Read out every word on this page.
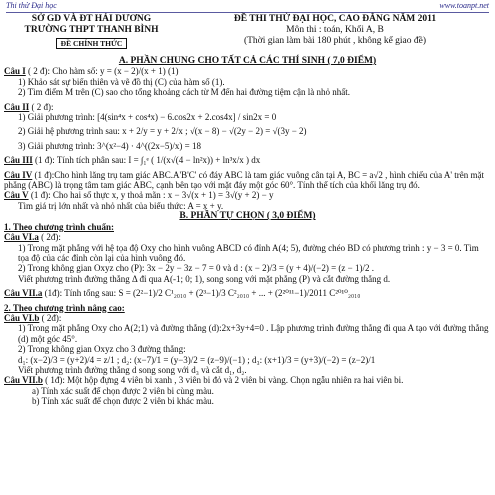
Thi thử Đại học	www.toanpt.net
SỞ GD VÀ ĐT HẢI DƯƠNG
TRƯỜNG THPT THANH BÌNH
ĐỀ CHÍNH THỨC
ĐỀ THI THỬ ĐẠI HỌC, CAO ĐẲNG NĂM 2011
Môn thi : toán, Khối A, B
(Thời gian làm bài 180 phút , không kể giao đề)

A. PHẦN CHUNG CHO TẤT CẢ CÁC THÍ SINH ( 7,0 ĐIỂM)

Câu I ( 2 đ): Cho hàm số: y = (x − 2)/(x + 1) (1)

1) Khảo sát sự biến thiên và vẽ đồ thị (C) của hàm số (1).

2) Tìm điểm M trên (C) sao cho tổng khoảng cách từ M đến hai đường tiệm cận là nhỏ nhất.

Câu II ( 2 đ):

1) Giải phương trình: [4(sin⁴x + cos⁴x) − 6.cos2x + 2.cos4x] / sin2x = 0

2) Giải hệ phương trình sau: x + 2/y = y + 2/x ; √(x − 8) − √(2y − 2) = √(3y − 2)

3) Giải phương trình: 3^(x²−4) · 4^((2x−5)/x) = 18

Câu III (1 đ): Tính tích phân sau: I = ∫₁ᵉ ( 1/(x√(4 − ln²x)) + ln³x/x ) dx

Câu IV (1 đ):Cho hình lăng trụ tam giác ABC.A'B'C' có đáy ABC là tam giác vuông cân tại A, BC = a√2 , hình chiếu của A' trên mặt phẳng (ABC) là trọng tâm tam giác ABC, cạnh bên tạo với mặt đáy một góc 60°. Tính thể tích của khối lăng trụ đó.

Câu V (1 đ): Cho hai số thực x, y thoả mãn : x − 3√(x + 1) = 3√(y + 2) − y

Tìm giá trị lớn nhất và nhỏ nhất của biểu thức: A = x + y.

B. PHẦN TỰ CHỌN ( 3,0 ĐIỂM)

1. Theo chương trình chuẩn:

Câu VI.a ( 2đ):

1) Trong mặt phẳng với hệ tọa độ Oxy cho hình vuông ABCD có đỉnh A(4; 5), đường chéo BD có phương trình : y − 3 = 0. Tìm tọa độ của các đỉnh còn lại của hình vuông đó.

2) Trong không gian Oxyz cho (P): 3x − 2y − 3z − 7 = 0 và d : (x − 2)/3 = (y + 4)/(−2) = (z − 1)/2 .

Viết phương trình đường thẳng Δ đi qua A(-1; 0; 1), song song với mặt phẳng (P) và cắt đường thẳng d.

Câu VII.a (1đ): Tính tổng sau: S = (2²−1)/2 C¹₂₀₁₀ + (2³−1)/3 C²₂₀₁₀ + ... + (2²⁰¹¹−1)/2011 C²⁰¹⁰₂₀₁₀

2. Theo chương trình nâng cao:

Câu VI.b ( 2đ):

1) Trong mặt phẳng Oxy cho A(2;1) và đường thẳng (d):2x+3y+4=0 . Lập phương trình đường thẳng đi qua A tạo với đường thẳng (d) một góc 45°.

2) Trong không gian Oxyz cho 3 đường thẳng:

d₁: (x−2)/3 = (y+2)/4 = z/1 ; d₂: (x−7)/1 = (y−3)/2 = (z−9)/(−1) ; d₃: (x+1)/3 = (y+3)/(−2) = (z−2)/1

Viết phương trình đường thẳng d song song với d₃ và cắt d₁, d₂.

Câu VII.b ( 1đ): Một hộp đựng 4 viên bi xanh , 3 viên bi đỏ và 2 viên bi vàng. Chọn ngẫu nhiên ra hai viên bi.

a) Tính xác suất để chọn được 2 viên bi cùng màu.

b) Tính xác suất để chọn được 2 viên bi khác màu.
